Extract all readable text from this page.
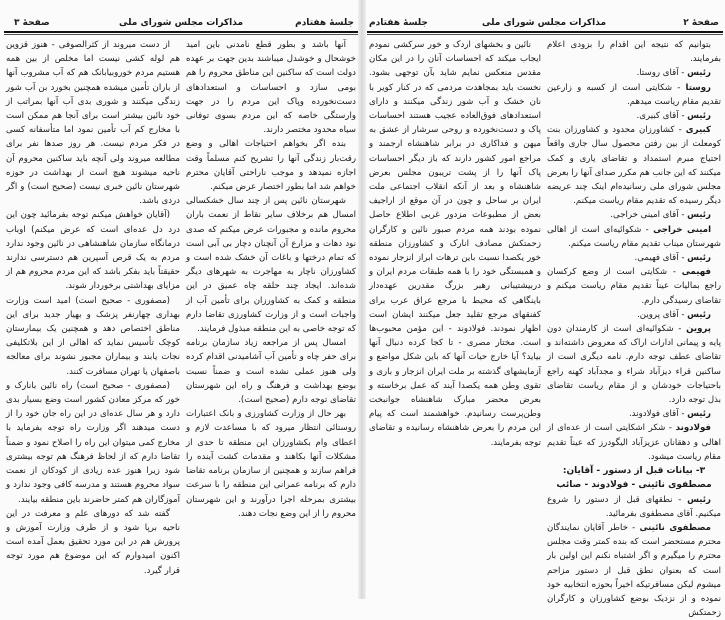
صفحهٔ ۲
مذاکرات مجلس شورای ملی
جلسهٔ هفتادم

بتوانیم که نتیجه این اقدام را بزودی اعلام بفرمایند.

رئیس - آقای روستا.

روستا - شکایتی است از کسبه و زارعین تقدیم مقام ریاست میدهم.

رئیس - آقای کبیری.

کبیری - کشاورزان محدود و کشاورزان بنت کومعلت از بین رفتن محصول سال جاری واقعاً احتیاج مبرم استمداد و تقاضای یاری و کمک میکنند که این جانب هم مکرر صدای آنها را بعرض مجلس شورای ملی رسانیده‌ام اینک چند عریضه دیگر رسیده که تقدیم مقام ریاست میکنم.

رئیس - آقای امینی خراجی.

امینی خراجی - شکوائیه‌ای است از اهالی شهرستان میناب تقدیم مقام ریاست میکنم.

رئیس - آقای فهیمی.

فهیمی - شکایتی است از وضع کرکسان راجع بمالیات عیناً تقدیم مقام ریاست میکنم و تقاضای رسیدگی دارم.

رئیس - آقای پروین.

پروین - شکوائیه‌ای است از کارمندان دون پایه و پیمانی ادارات اراک که معروض داشته‌اند و تقاضای عطف توجه دارم. نامه دیگری است از ساکنین قراء دیزآباد شراء و مجدآباد کهنه راجع باحتیاجات خودشان و از مقام ریاست تقاضای بذل توجه دارد.

رئیس - آقای فولادوند.

فولادوند - شکر اشکایتی است از عده‌ای از اهالی و دهقانان عزیزآباد الیگودرز که عیناً تقدیم مقام ریاست میشود.

۳- بیانات قبل از دستور - آقایان: مصطفوی نائینی - فولادوند - صائب

رئیس - نطقهای قبل از دستور را شروع میکنیم. آقای مصطفوی بفرمائید.

مصطفوی نائینی - خاطر آقایان نمایندگان محترم مستحضر است که بنده کمتر وقت مجلس محترم را میگیرم و اگر اشتباه نکنم این اولین بار است که بعنوان نطق قبل از دستور مزاحم میشوم لیکن مسافرتیکه اخیراً بحوزه انتخابیه خود نموده و از نزدیک بوضع کشاورزان و کارگران زحمتکش

نائین و بخشهای اردک و خور سرکشی نمودم ایجاب میکند که احساسات آنان را در این مکان مقدس منعکس نمایم شاید بآن توجهی بشود. نخست باید بمجاهدت مردمی که در کنار کویر با نان خشک و آب شور زندگی میکنند و دارای استعدادهای فوق‌العاده عجیب هستند احساسات پاک و دست‌نخورده و روحی سرشار از عشق به میهن و فداکاری در برابر شاهنشاه ارجمند و مراجع امور کشور دارند که باز دیگر احساسات پاک آنها را از پشت تریبون مجلس بعرض شاهنشاه و بعد از آنکه انقلاب اجتماعی ملت ایران بر ساحل و چون در آن موقع از اراجیف بعض از مطبوعات مزدور غربی اطلاع حاصل نموده بودند همه مردم صبور نائین و کارگران زحمتکش مصادف انارک و کشاورزان منطقه خور یکصدا نسبت باین ترهات ابراز انزجار نموده و همبستگی خود را با همه طبقات مردم ایران و دربیشتیبانی رهبر بزرگ مقدرین عهده‌دار باینگاهی که محیط با مرجع عراق عرب برای کفنقهای مرجع تقلید جعل میکنند ایشان است اظهار نمودند. فولادوند - این مؤمن محبوب‌ها است. مختار مصری - تا کجا کرده دنبال آنها بیاید؟ آیا خارج حیات آنها که باین شکل مواضع و آزمایشهای گذشته بر ملت ایران انزجار و باری و تقوی وطن همه یکصدا آیند که عمل برخاسته و بعرض محضر مبارک شاهنشاه جوانبخت وطن‌پرست رسانیدم. خواهشمند است که پیام این مردم را بعرض شاهنشاه رسانیده و تقاضای توجه بفرمایند.

جلسهٔ هفتادم
مذاکرات مجلس شورای ملی
صفحهٔ ۳

آنها باشد و بطور قطع نامدنی باین امید خوشحال و خوشدل میباشند بدین جهت بر عهده دولت است که ساکنین این مناطق محروم را هم بومی سازد و احساسات و استعدادهای دست‌نخورده وپاک این مردم را در جهت وارستگی خاصه که این مردم بسوی توفانی سیاه محدود مختصر دارند.

بنده اگر بخواهم احتیاجات اهالی و وضع رقت‌بار زندگی آنها را تشریح کنم مسلماً وقت اجازه نمیدهد و موجب ناراحتی آقایان محترم خواهم شد اما بطور اختصار عرض میکنم.

شهرستان نائین پس از چند سال خشکسالی امسال هم برخلاف سایر نقاط از نعمت باران محروم مانده و مجبورات عرض میکنم که صدی نود دهات و مزارع آن آنچنان دچار بی آبی است که تمام درختها و باغات آن خشک شده است و کشاورزان ناچار به مهاجرت به شهرهای دیگر شده‌اند. ایجاد چند حلقه چاه عمیق در این منطقه و کمک به کشاورزان برای تأمین آب از واجبات است و از وزارت کشاورزی تقاضا دارم که توجه خاصی به این منطقه مبذول فرمایند.

امسال پس از مراجعه زیاد سازمان برنامه برای حفر چاه و تأمین آب آشامیدنی اقدام کرده ولی هنوز عملی نشده است و ضمناً نسبت بوضع بهداشت و فرهنگ و راه این شهرستان تقاضای توجه دارم (صحیح است).

بهر حال از وزارت کشاورزی و بانک اعتبارات روستائی انتظار میرود که با مساعدت لازم و اعطای وام بکشاورزان این منطقه تا حدی از مشکلات آنها بکاهند و مقدمات کشت آینده را فراهم سازند و همچنین از سازمان برنامه تقاضا دارم که برنامه عمرانی این منطقه را با سرعت بیشتری بمرحله اجرا درآورند و این شهرستان محروم را از این وضع نجات دهند.

از دست میروند از کثرالصوفی - هنوز قزوین هم لوله کشی نیست اما مخلص از بین همه هستیم مردم خوروبیابانک هم که آب مشروب آنها از باران تأمین میشده همچنین بخورد بن آب شور زندگی میکنند و شوری بدی آب آنها بمراتب از خود نائین بیشتر است برای آنجا هم ممکن است با مخارج کم آب تأمین نمود اما متأسفانه کسی در فکر مردم نیست. هر روز صدها نفر برای مطالعه میروند ولی آنچه باید ساکنین محروم آن ناحیه میشوند هیچ است از بهداشت در حوزه شهرستان نائین خبری نیست (صحیح است) و اگر دردی باشد.

(آقایان خواهش میکنم توجه بفرمائید چون این درد دل عده‌ای است که عرض میکنم) اوباب درمانگاه سازمان شاهنشاهی در نائین وجود ندارد مردم به یک قرص آسپرین هم دسترسی ندارند حقیقتاً باید بفکر باشد که این مردم محروم هم از مزایای بهداشتی برخوردار شوند.

(مصفوری - صحیح است) امید است وزارت بهداری چهارنفر پزشک و بهیار جدید برای این مناطق اختصاص دهد و همچنین یک بیمارستان کوچک تأسیس نماید که اهالی از این بلاتکلیفی نجات یابند و بیماران مجبور نشوند برای معالجه باصفهان یا تهران مسافرت کنند.

(مصفوری - صحیح است) راه نائین بانارک و خور که مرکز معادن کشور است وضع بسیار بدی دارد و هر سال عده‌ای در این راه جان خود را از دست میدهند اگر وزارت راه توجه بفرماید با مخارج کمی میتوان این راه را اصلاح نمود و ضمناً تقاضا دارم که از لحاظ فرهنگ هم توجه بیشتری شود زیرا هنوز عده زیادی از کودکان از نعمت سواد محروم هستند و مدرسه کافی وجود ندارد و آموزگاران هم کمتر حاضرند باین منطقه بیایند.

گفته شد که دورهای علم و معرفت در این ناحیه برپا شود و از طرف وزارت آموزش و پرورش هم در این مورد تحقیق بعمل آمده است اکنون امیدوارم که این موضوع هم مورد توجه قرار گیرد.
